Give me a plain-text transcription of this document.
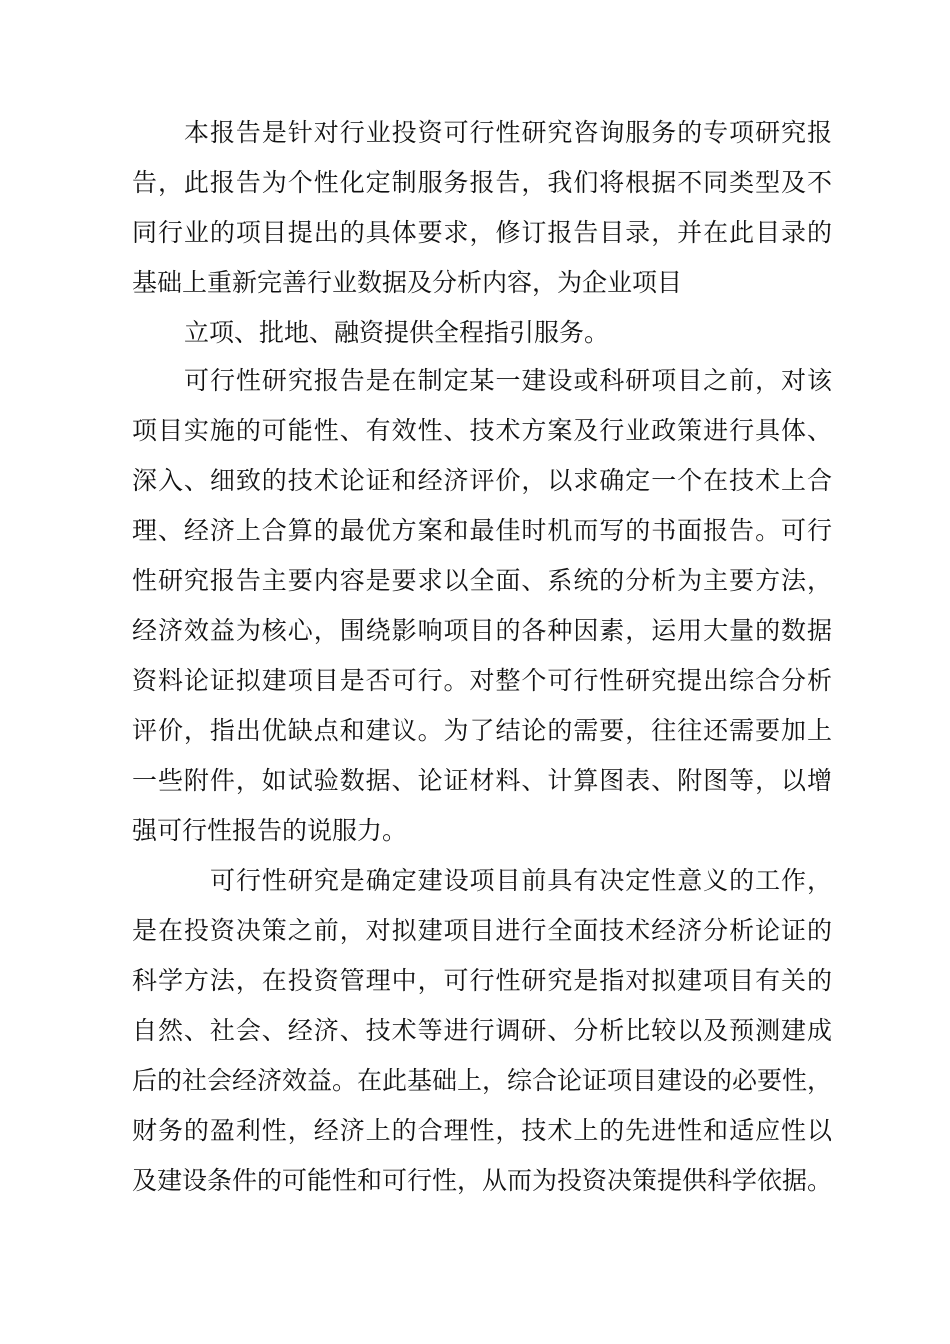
本报告是针对行业投资可行性研究咨询服务的专项研究报
告，此报告为个性化定制服务报告，我们将根据不同类型及不
同行业的项目提出的具体要求，修订报告目录，并在此目录的
基础上重新完善行业数据及分析内容，为企业项目
立项、批地、融资提供全程指引服务。
可行性研究报告是在制定某一建设或科研项目之前，对该
项目实施的可能性、有效性、技术方案及行业政策进行具体、
深入、细致的技术论证和经济评价，以求确定一个在技术上合
理、经济上合算的最优方案和最佳时机而写的书面报告。可行
性研究报告主要内容是要求以全面、系统的分析为主要方法，
经济效益为核心，围绕影响项目的各种因素，运用大量的数据
资料论证拟建项目是否可行。对整个可行性研究提出综合分析
评价，指出优缺点和建议。为了结论的需要，往往还需要加上
一些附件，如试验数据、论证材料、计算图表、附图等，以增
强可行性报告的说服力。
可行性研究是确定建设项目前具有决定性意义的工作，
是在投资决策之前，对拟建项目进行全面技术经济分析论证的
科学方法，在投资管理中，可行性研究是指对拟建项目有关的
自然、社会、经济、技术等进行调研、分析比较以及预测建成
后的社会经济效益。在此基础上，综合论证项目建设的必要性，
财务的盈利性，经济上的合理性，技术上的先进性和适应性以
及建设条件的可能性和可行性，从而为投资决策提供科学依据。
